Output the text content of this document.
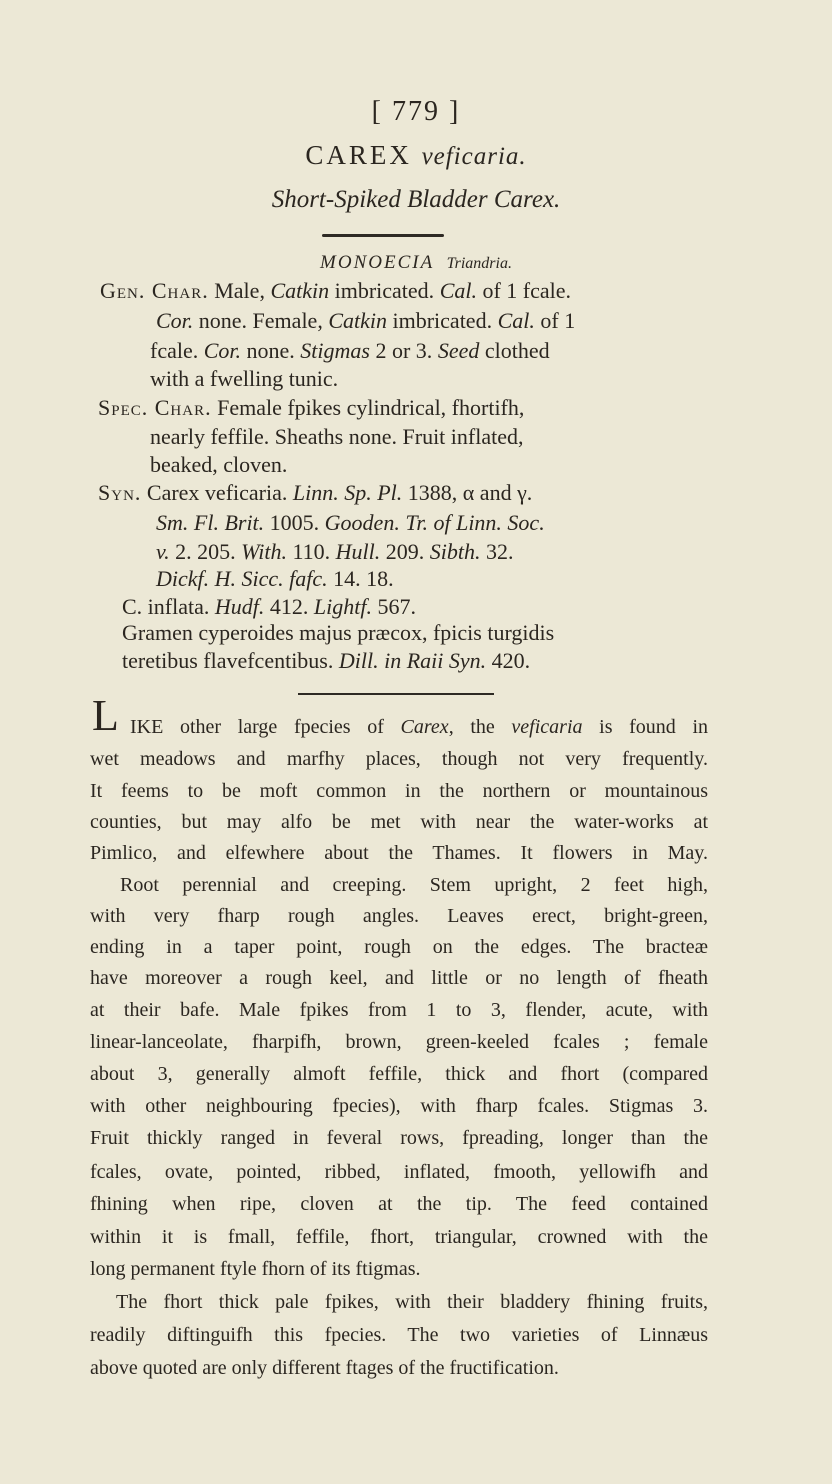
[ 779 ]
CAREX veficaria.
Short-Spiked Bladder Carex.
MONOECIA Triandria.
Gen. Char. Male, Catkin imbricated. Cal. of 1 fcale.
Cor. none. Female, Catkin imbricated. Cal. of 1
fcale. Cor. none. Stigmas 2 or 3. Seed clothed
with a fwelling tunic.
Spec. Char. Female fpikes cylindrical, fhortifh,
nearly feffile. Sheaths none. Fruit inflated,
beaked, cloven.
Syn. Carex veficaria. Linn. Sp. Pl. 1388, α and γ.
Sm. Fl. Brit. 1005. Gooden. Tr. of Linn. Soc.
v. 2. 205. With. 110. Hull. 209. Sibth. 32.
Dickf. H. Sicc. fafc. 14. 18.
C. inflata. Hudf. 412. Lightf. 567.
Gramen cyperoides majus præcox, fpicis turgidis
teretibus flavefcentibus. Dill. in Raii Syn. 420.
L IKE other large fpecies of Carex, the veficaria is found in
wet meadows and marfhy places, though not very frequently.
It feems to be moft common in the northern or mountainous
counties, but may alfo be met with near the water-works at
Pimlico, and elfewhere about the Thames. It flowers in May.
Root perennial and creeping. Stem upright, 2 feet high,
with very fharp rough angles. Leaves erect, bright-green,
ending in a taper point, rough on the edges. The bracteæ
have moreover a rough keel, and little or no length of fheath
at their bafe. Male fpikes from 1 to 3, flender, acute, with
linear-lanceolate, fharpifh, brown, green-keeled fcales ; female
about 3, generally almoft feffile, thick and fhort (compared
with other neighbouring fpecies), with fharp fcales. Stigmas 3.
Fruit thickly ranged in feveral rows, fpreading, longer than the
fcales, ovate, pointed, ribbed, inflated, fmooth, yellowifh and
fhining when ripe, cloven at the tip. The feed contained
within it is fmall, feffile, fhort, triangular, crowned with the
long permanent ftyle fhorn of its ftigmas.
The fhort thick pale fpikes, with their bladdery fhining fruits,
readily diftinguifh this fpecies. The two varieties of Linnæus
above quoted are only different ftages of the fructification.
